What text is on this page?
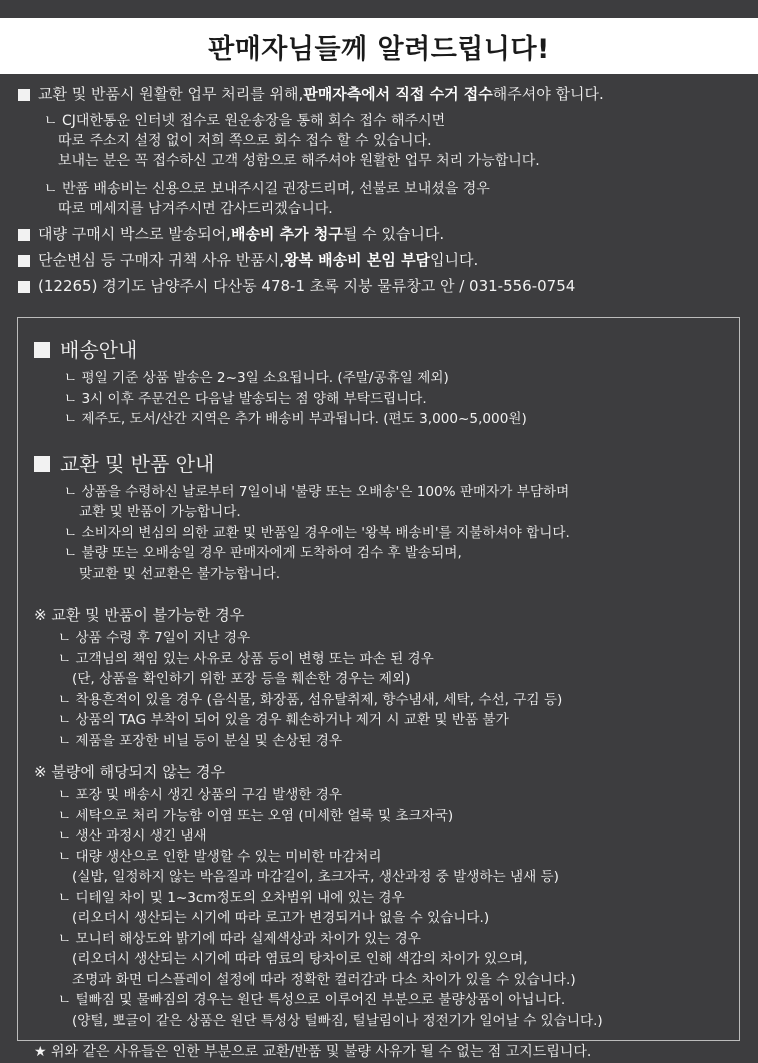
판매자님들께 알려드립니다!
교환 및 반품시 원활한 업무 처리를 위해, 판매자측에서 직접 수거 접수 해주셔야 합니다.
ㄴ CJ대한통운 인터넷 접수로 원운송장을 통해 회수 접수 해주시면
따로 주소지 설정 없이 저희 쪽으로 회수 접수 할 수 있습니다.
보내는 분은 꼭 접수하신 고객 성함으로 해주셔야 원활한 업무 처리 가능합니다.
ㄴ 반품 배송비는 신용으로 보내주시길 권장드리며, 선불로 보내셨을 경우
따로 메세지를 남겨주시면 감사드리겠습니다.
대량 구매시 박스로 발송되어, 배송비 추가 청구 될 수 있습니다.
단순변심 등 구매자 귀책 사유 반품시, 왕복 배송비 본임 부담 입니다.
(12265) 경기도 남양주시 다산동 478-1 초록 지붕 물류창고 안 / 031-556-0754
배송안내
ㄴ 평일 기준 상품 발송은 2~3일 소요됩니다. (주말/공휴일 제외)
ㄴ 3시 이후 주문건은 다음날 발송되는 점 양해 부탁드립니다.
ㄴ 제주도, 도서/산간 지역은 추가 배송비 부과됩니다. (편도 3,000~5,000원)
교환 및 반품 안내
ㄴ 상품을 수령하신 날로부터 7일이내 '불량 또는 오배송'은 100% 판매자가 부담하며
교환 및 반품이 가능합니다.
ㄴ 소비자의 변심의 의한 교환 및 반품일 경우에는 '왕복 배송비'를 지불하셔야 합니다.
ㄴ 불량 또는 오배송일 경우 판매자에게 도착하여 검수 후 발송되며,
맞교환 및 선교환은 불가능합니다.
※ 교환 및 반품이 불가능한 경우
ㄴ 상품 수령 후 7일이 지난 경우
ㄴ 고객님의 책임 있는 사유로 상품 등이 변형 또는 파손 된 경우
(단, 상품을 확인하기 위한 포장 등을 훼손한 경우는 제외)
ㄴ 착용흔적이 있을 경우 (음식물, 화장품, 섬유탈취제, 향수냄새, 세탁, 수선, 구김 등)
ㄴ 상품의 TAG 부착이 되어 있을 경우 훼손하거나 제거 시 교환 및 반품 불가
ㄴ 제품을 포장한 비닐 등이 분실 및 손상된 경우
※ 불량에 해당되지 않는 경우
ㄴ 포장 및 배송시 생긴 상품의 구김 발생한 경우
ㄴ 세탁으로 처리 가능함 이염 또는 오염 (미세한 얼룩 및 초크자국)
ㄴ 생산 과정시 생긴 냄새
ㄴ 대량 생산으로 인한 발생할 수 있는 미비한 마감처리
(실밥, 일정하지 않는 박음질과 마감길이, 초크자국, 생산과정 중 발생하는 냄새 등)
ㄴ 디테일 차이 및 1~3cm정도의 오차범위 내에 있는 경우
(리오더시 생산되는 시기에 따라 로고가 변경되거나 없을 수 있습니다.)
ㄴ 모니터 해상도와 밝기에 따라 실제색상과 차이가 있는 경우
(리오더시 생산되는 시기에 따라 염료의 탕차이로 인해 색감의 차이가 있으며,
조명과 화면 디스플레이 설정에 따라 정확한 컬러감과 다소 차이가 있을 수 있습니다.)
ㄴ 털빠짐 및 물빠짐의 경우는 원단 특성으로 이루어진 부분으로 불량상품이 아닙니다.
(양털, 뽀글이 같은 상품은 원단 특성상 털빠짐, 털날림이나 정전기가 일어날 수 있습니다.)
★ 위와 같은 사유들은 인한 부분으로 교환/반품 및 불량 사유가 될 수 없는 점 고지드립니다.
